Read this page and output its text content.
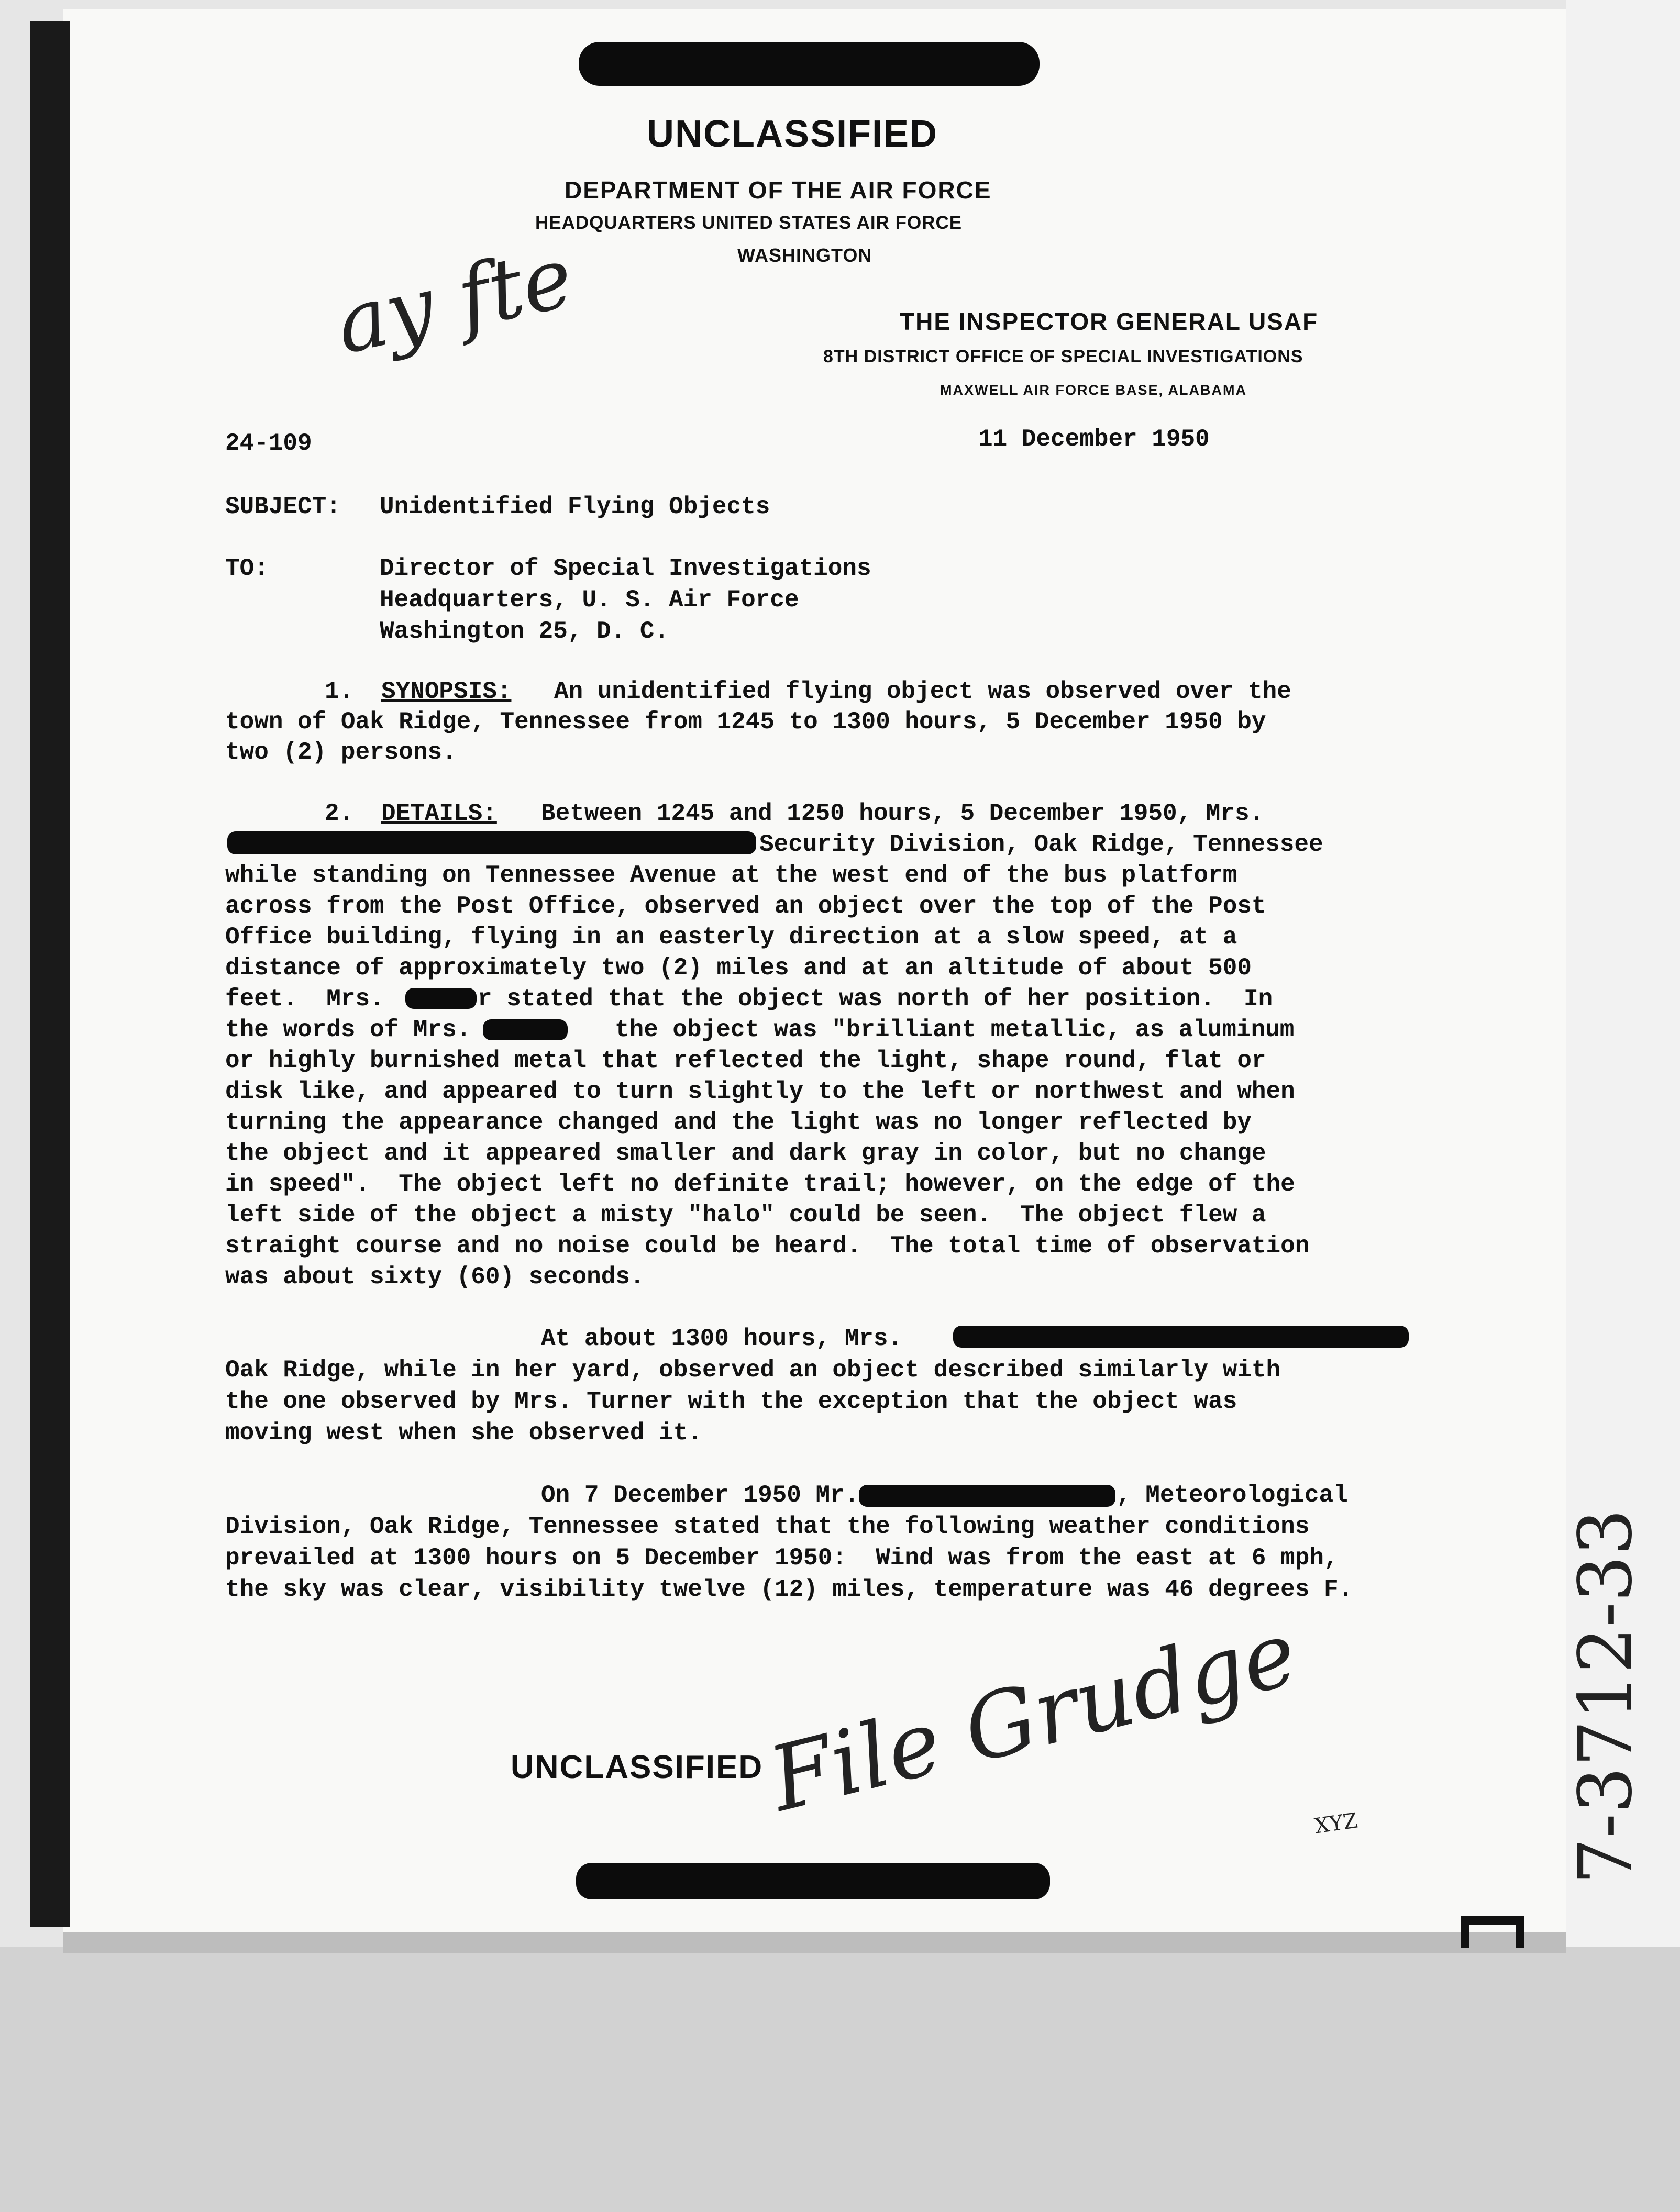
UNCLASSIFIED
DEPARTMENT OF THE AIR FORCE
HEADQUARTERS UNITED STATES AIR FORCE
WASHINGTON
THE INSPECTOR GENERAL USAF
8TH DISTRICT OFFICE OF SPECIAL INVESTIGATIONS
MAXWELL AIR FORCE BASE, ALABAMA
ay fte
24-109	11 December 1950
SUBJECT: Unidentified Flying Objects
TO:	Director of Special Investigations
Headquarters, U. S. Air Force
Washington 25, D. C.
1. SYNOPSIS: An unidentified flying object was observed over the
town of Oak Ridge, Tennessee from 1245 to 1300 hours, 5 December 1950 by
two (2) persons.
2. DETAILS: Between 1245 and 1250 hours, 5 December 1950, Mrs.
Security Division, Oak Ridge, Tennessee
while standing on Tennessee Avenue at the west end of the bus platform
across from the Post Office, observed an object over the top of the Post
Office building, flying in an easterly direction at a slow speed, at a
distance of approximately two (2) miles and at an altitude of about 500
feet.  Mrs.	r stated that the object was north of her position.  In
the words of Mrs.	the object was "brilliant metallic, as aluminum
or highly burnished metal that reflected the light, shape round, flat or
disk like, and appeared to turn slightly to the left or northwest and when
turning the appearance changed and the light was no longer reflected by
the object and it appeared smaller and dark gray in color, but no change
in speed".  The object left no definite trail; however, on the edge of the
left side of the object a misty "halo" could be seen.  The object flew a
straight course and no noise could be heard.  The total time of observation
was about sixty (60) seconds.
At about 1300 hours, Mrs.
Oak Ridge, while in her yard, observed an object described similarly with
the one observed by Mrs. Turner with the exception that the object was
moving west when she observed it.
On 7 December 1950 Mr.	, Meteorological
Division, Oak Ridge, Tennessee stated that the following weather conditions
prevailed at 1300 hours on 5 December 1950:  Wind was from the east at 6 mph,
the sky was clear, visibility twelve (12) miles, temperature was 46 degrees F.
UNCLASSIFIED
File Grudge XYZ	7-3712-33
